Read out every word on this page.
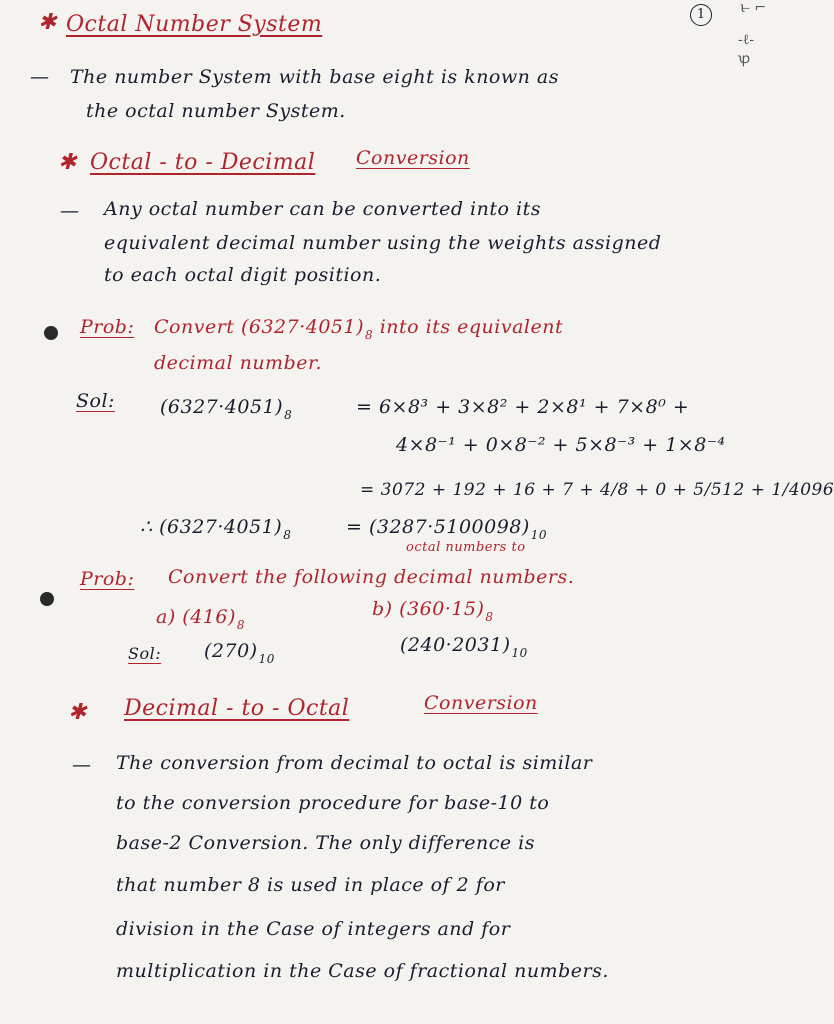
1	ι ̶ ⌐
-ℓ-
ꝕ
✱ Octal Number System
— The number System with base eight is known as
the octal number System.
✱ Octal - to - Decimal Conversion
— Any octal number can be converted into its
equivalent decimal number using the weights assigned
to each octal digit position.
Prob: Convert $(6327\cdot 4051)_8$ into its equivalent
decimal number.
Sol: $(6327\cdot 4051)_8$	= 6×8³ + 3×8² + 2×8¹ + 7×8⁰ +
4×8⁻¹ + 0×8⁻² + 5×8⁻³ + 1×8⁻⁴
= 3072 + 192 + 16 + 7 + 4/8 + 0 + 5/512 + 1/4096
∴ $(6327\cdot 4051)_8$	= $(3287\cdot 5100098)_{10}$
octal numbers to
Prob: Convert the following decimal numbers.
a) $(416)_8$
b) $(360\cdot 15)_8$
Sol: $(270)_{10}$
$(240\cdot 2031)_{10}$
✱ Decimal - to - Octal	Conversion
— The conversion from decimal to octal is similar
to the conversion procedure for base-10 to
base-2 Conversion. The only difference is
that number 8 is used in place of 2 for
division in the Case of integers and for
multiplication in the Case of fractional numbers.
